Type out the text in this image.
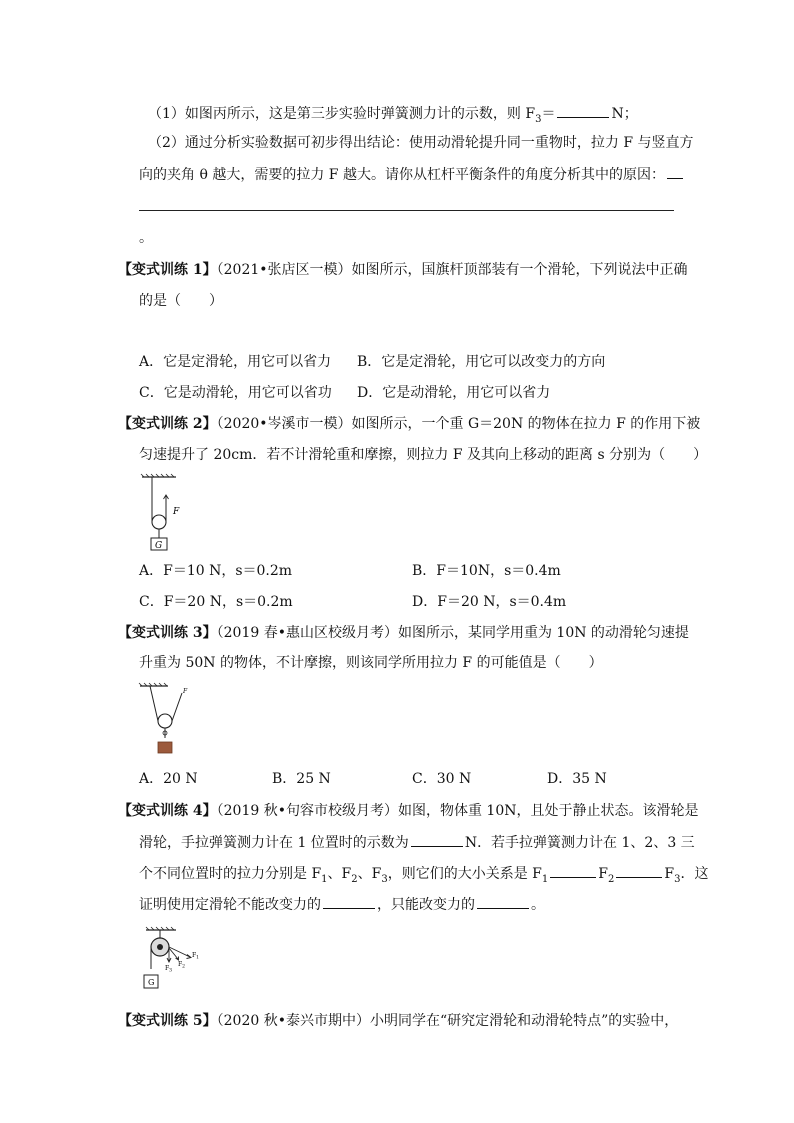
（1）如图丙所示，这是第三步实验时弹簧测力计的示数，则 $F_3=$	N；
（2）通过分析实验数据可初步得出结论：使用动滑轮提升同一重物时，拉力 F 与竖直方
向的夹角 θ 越大，需要的拉力 F 越大。请你从杠杆平衡条件的角度分析其中的原因：
。
【变式训练 1】（2021•张店区一模）如图所示，国旗杆顶部装有一个滑轮，下列说法中正确
的是（　　）
A．它是定滑轮，用它可以省力 B．它是定滑轮，用它可以改变力的方向
C．它是动滑轮，用它可以省功 D．它是动滑轮，用它可以省力
【变式训练 2】（2020•岑溪市一模）如图所示，一个重 G＝20N 的物体在拉力 F 的作用下被
匀速提升了 20cm．若不计滑轮重和摩擦，则拉力 F 及其向上移动的距离 s 分别为（　　）
F
G
A．F＝10 N，s＝0.2m	B．F＝10N，s＝0.4m
C．F＝20 N，s＝0.2m	D．F＝20 N，s＝0.4m
【变式训练 3】（2019 春•惠山区校级月考）如图所示，某同学用重为 10N 的动滑轮匀速提
升重为 50N 的物体，不计摩擦，则该同学所用拉力 F 的可能值是（　　）
F
A．20 N	B．25 N	C．30 N	D．35 N
【变式训练 4】（2019 秋•句容市校级月考）如图，物体重 10N，且处于静止状态。该滑轮是
滑轮，手拉弹簧测力计在 1 位置时的示数为	N．若手拉弹簧测力计在 1、2、3 三
个不同位置时的拉力分别是 $F_1$、$F_2$、$F_3$，则它们的大小关系是 $F_1$	$F_2$	$F_3$．这
证明使用定滑轮不能改变力的	，只能改变力的	。
$F_1$
$F_2$
$F_3$
G
【变式训练 5】（2020 秋•泰兴市期中）小明同学在“研究定滑轮和动滑轮特点”的实验中，
